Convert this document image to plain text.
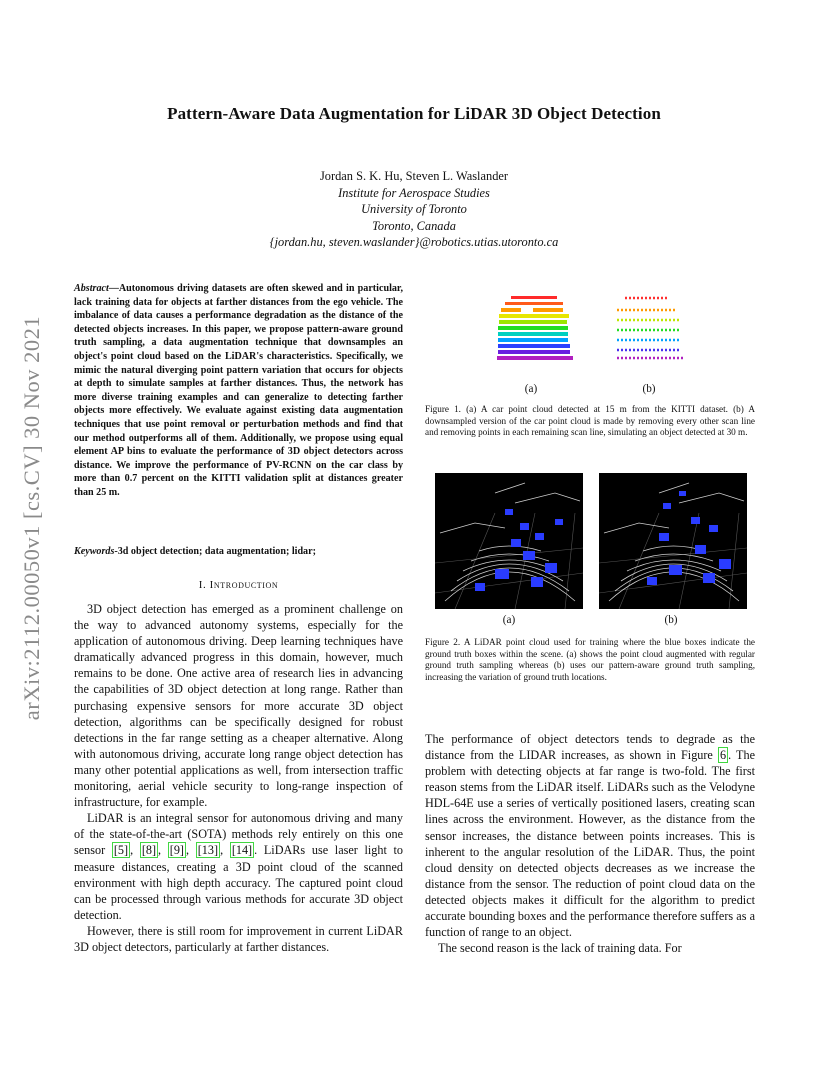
Pattern-Aware Data Augmentation for LiDAR 3D Object Detection
Jordan S. K. Hu, Steven L. Waslander
Institute for Aerospace Studies
University of Toronto
Toronto, Canada
{jordan.hu, steven.waslander}@robotics.utias.utoronto.ca
arXiv:2112.00050v1 [cs.CV] 30 Nov 2021
Abstract—Autonomous driving datasets are often skewed and in particular, lack training data for objects at farther distances from the ego vehicle. The imbalance of data causes a performance degradation as the distance of the detected objects increases. In this paper, we propose pattern-aware ground truth sampling, a data augmentation technique that downsamples an object's point cloud based on the LiDAR's characteristics. Specifically, we mimic the natural diverging point pattern variation that occurs for objects at depth to simulate samples at farther distances. Thus, the network has more diverse training examples and can generalize to detecting farther objects more effectively. We evaluate against existing data augmentation techniques that use point removal or perturbation methods and find that our method outperforms all of them. Additionally, we propose using equal element AP bins to evaluate the performance of 3D object detectors across distance. We improve the performance of PV-RCNN on the car class by more than 0.7 percent on the KITTI validation split at distances greater than 25 m.
Keywords-3d object detection; data augmentation; lidar;
I. Introduction

3D object detection has emerged as a prominent challenge on the way to advanced autonomy systems, especially for the application of autonomous driving. Deep learning techniques have dramatically advanced progress in this domain, however, much remains to be done. One active area of research lies in advancing the capabilities of 3D object detection at long range. Rather than purchasing expensive sensors for more accurate 3D object detection, algorithms can be specifically designed for robust detections in the far range setting as a cheaper alternative. Along with autonomous driving, accurate long range object detection has many other potential applications as well, from intersection traffic monitoring, aerial vehicle security to long-range inspection of infrastructure, for example.

LiDAR is an integral sensor for autonomous driving and many of the state-of-the-art (SOTA) methods rely entirely on this one sensor [5] , [8] , [9] , [13] , [14] . LiDARs use laser light to measure distances, creating a 3D point cloud of the scanned environment with high depth accuracy. The captured point cloud can be processed through various methods for accurate 3D object detection.

However, there is still room for improvement in current LiDAR 3D object detectors, particularly at farther distances.

(a)	(b)
Figure 1. (a) A car point cloud detected at 15 m from the KITTI dataset. (b) A downsampled version of the car point cloud is made by removing every other scan line and removing points in each remaining scan line, simulating an object detected at 30 m.
(a)	(b)
Figure 2. A LiDAR point cloud used for training where the blue boxes indicate the ground truth boxes within the scene. (a) shows the point cloud augmented with regular ground truth sampling whereas (b) uses our pattern-aware ground truth sampling, increasing the variation of ground truth locations.

The performance of object detectors tends to degrade as the distance from the LIDAR increases, as shown in Figure 6 . The problem with detecting objects at far range is two-fold. The first reason stems from the LiDAR itself. LiDARs such as the Velodyne HDL-64E use a series of vertically positioned lasers, creating scan lines across the environment. However, as the distance from the sensor increases, the distance between points increases. This is inherent to the angular resolution of the LiDAR. Thus, the point cloud density on detected objects decreases as we increase the distance from the sensor. The reduction of point cloud data on the detected objects makes it difficult for the algorithm to predict accurate bounding boxes and the performance therefore suffers as a function of range to an object.

The second reason is the lack of training data. For
